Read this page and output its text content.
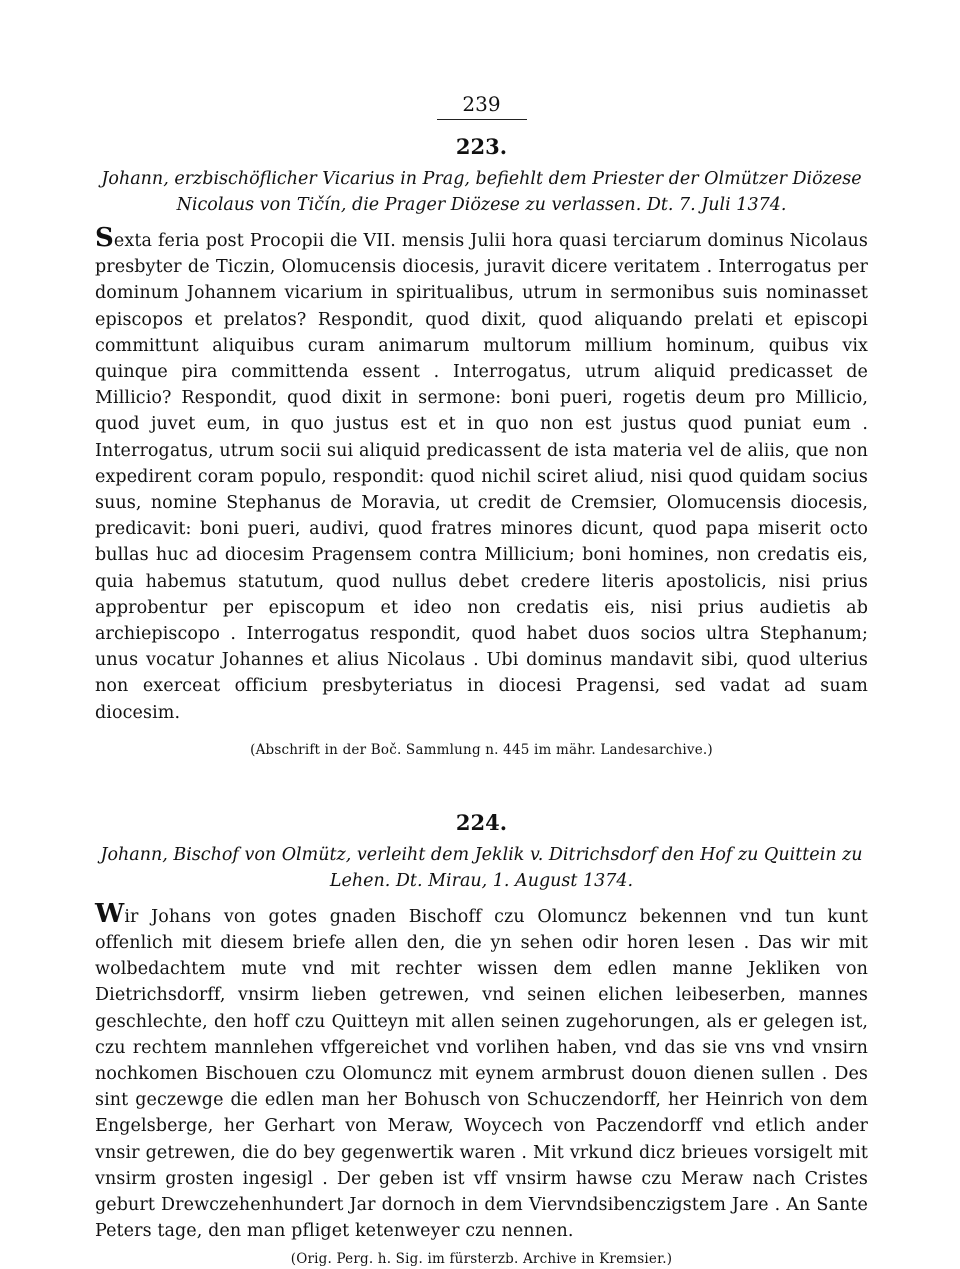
239
223.
Johann, erzbischöflicher Vicarius in Prag, befiehlt dem Priester der Olmützer Diözese
Nicolaus von Tičín, die Prager Diözese zu verlassen. Dt. 7. Juli 1374.

Sexta feria post Procopii die VII. mensis Julii hora quasi terciarum dominus Nicolaus presbyter de Ticzin, Olomucensis diocesis, juravit dicere veritatem . Interrogatus per dominum Johannem vicarium in spiritualibus, utrum in sermonibus suis nominasset episcopos et prelatos? Respondit, quod dixit, quod aliquando prelati et episcopi committunt aliquibus curam animarum multorum millium hominum, quibus vix quinque pira committenda essent . Interrogatus, utrum aliquid predicasset de Millicio? Respondit, quod dixit in sermone: boni pueri, rogetis deum pro Millicio, quod juvet eum, in quo justus est et in quo non est justus quod puniat eum . Interrogatus, utrum socii sui aliquid predicassent de ista materia vel de aliis, que non expedirent coram populo, respondit: quod nichil sciret aliud, nisi quod quidam socius suus, nomine Stephanus de Moravia, ut credit de Cremsier, Olomucensis diocesis, predicavit: boni pueri, audivi, quod fratres minores dicunt, quod papa miserit octo bullas huc ad diocesim Pragensem contra Millicium; boni homines, non credatis eis, quia habemus statutum, quod nullus debet credere literis apostolicis, nisi prius approbentur per episcopum et ideo non credatis eis, nisi prius audietis ab archiepiscopo . Interrogatus respondit, quod habet duos socios ultra Stephanum; unus vocatur Johannes et alius Nicolaus . Ubi dominus mandavit sibi, quod ulterius non exerceat officium presbyteriatus in diocesi Pragensi, sed vadat ad suam diocesim.

(Abschrift in der Boč. Sammlung n. 445 im mähr. Landesarchive.)
224.
Johann, Bischof von Olmütz, verleiht dem Jeklik v. Ditrichsdorf den Hof zu Quittein zu
Lehen. Dt. Mirau, 1. August 1374.

Wir Johans von gotes gnaden Bischoff czu Olomuncz bekennen vnd tun kunt offenlich mit diesem briefe allen den, die yn sehen odir horen lesen . Das wir mit wolbedachtem mute vnd mit rechter wissen dem edlen manne Jekliken von Dietrichsdorff, vnsirm lieben getrewen, vnd seinen elichen leibeserben, mannes geschlechte, den hoff czu Quitteyn mit allen seinen zugehorungen, als er gelegen ist, czu rechtem mannlehen vffgereichet vnd vorlihen haben, vnd das sie vns vnd vnsirn nochkomen Bischouen czu Olomuncz mit eynem armbrust douon dienen sullen . Des sint geczewge die edlen man her Bohusch von Schuczendorff, her Heinrich von dem Engelsberge, her Gerhart von Meraw, Woycech von Paczendorff vnd etlich ander vnsir getrewen, die do bey gegenwertik waren . Mit vrkund dicz brieues vorsigelt mit vnsirm grosten ingesigl . Der geben ist vff vnsirm hawse czu Meraw nach Cristes geburt Drewczehenhundert Jar dornoch in dem Viervndsibenczigstem Jare . An Sante Peters tage, den man pfliget ketenweyer czu nennen.

(Orig. Perg. h. Sig. im fürsterzb. Archive in Kremsier.)
